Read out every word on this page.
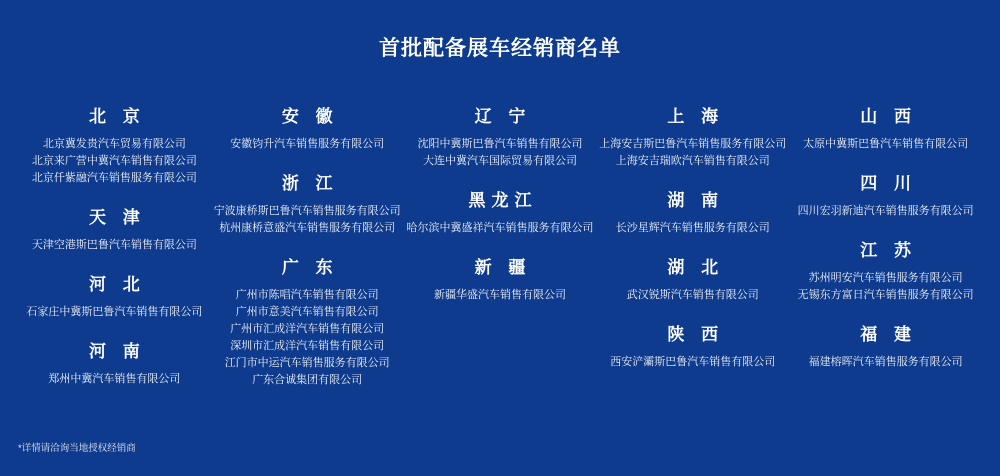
首批配备展车经销商名单
北 京
北京冀发贵汽车贸易有限公司
北京来广营中冀汽车销售有限公司
北京仟紫融汽车销售服务有限公司
天 津
天津空港斯巴鲁汽车销售有限公司
河 北
石家庄中冀斯巴鲁汽车销售有限公司
河 南
郑州中冀汽车销售有限公司
安 徽
安徽钧升汽车销售服务有限公司
浙 江
宁波康桥斯巴鲁汽车销售服务有限公司
杭州康桥意盛汽车销售服务有限公司
广 东
广州市陈唱汽车销售有限公司
广州市意美汽车销售有限公司
广州市汇成洋汽车销售有限公司
深圳市汇成洋汽车销售有限公司
江门市中运汽车销售服务有限公司
广东合诚集团有限公司
辽 宁
沈阳中冀斯巴鲁汽车销售有限公司
大连中冀汽车国际贸易有限公司
黑龙江
哈尔滨中冀盛祥汽车销售服务有限公司
新 疆
新疆华盛汽车销售有限公司
上 海
上海安吉斯巴鲁汽车销售服务有限公司
上海安吉瑞欧汽车销售有限公司
湖 南
长沙星辉汽车销售服务有限公司
湖 北
武汉锐斯汽车销售有限公司
陕 西
西安浐灞斯巴鲁汽车销售有限公司
山 西
太原中冀斯巴鲁汽车销售有限公司
四 川
四川宏羽新迪汽车销售服务有限公司
江 苏
苏州明安汽车销售服务有限公司
无锡东方富日汽车销售服务有限公司
福 建
福建榕晖汽车销售服务有限公司
*详情请洽询当地授权经销商
